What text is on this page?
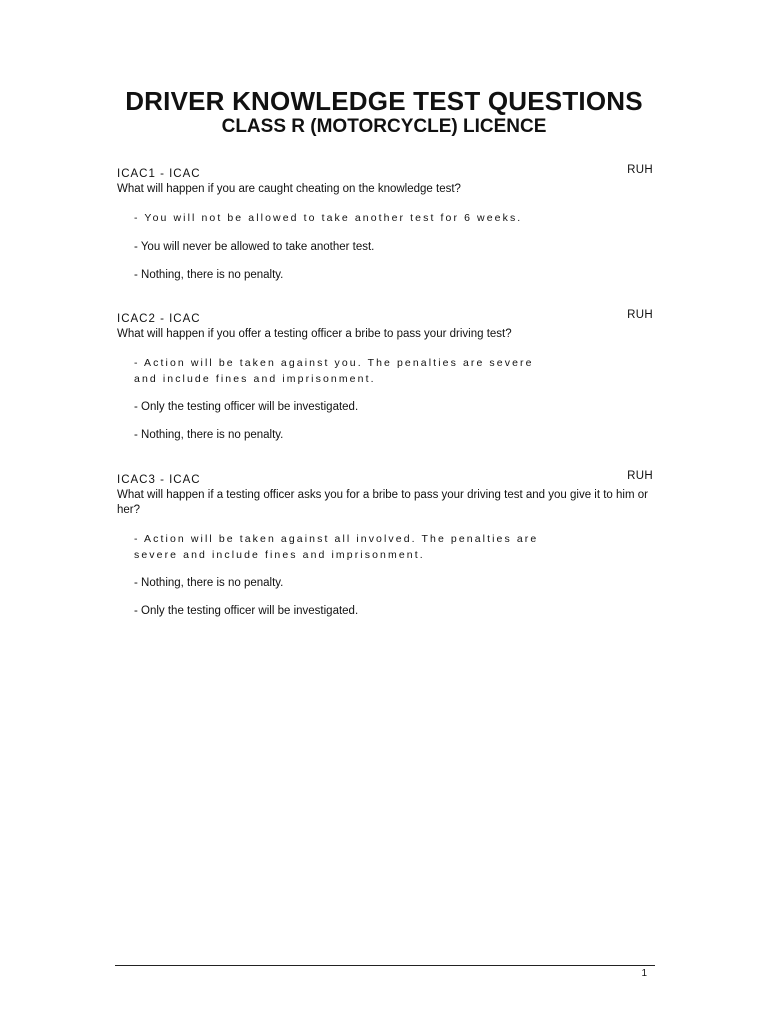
DRIVER KNOWLEDGE TEST QUESTIONS
CLASS R (MOTORCYCLE) LICENCE
ICAC1 - ICAC	RUH
What will happen if you are caught cheating on the knowledge test?
- You will not be allowed to take another test for 6 weeks.
- You will never be allowed to take another test.
- Nothing, there is no penalty.
ICAC2 - ICAC	RUH
What will happen if you offer a testing officer a bribe to pass your driving test?
- Action will be taken against you. The penalties are severe and include fines and imprisonment.
- Only the testing officer will be investigated.
- Nothing, there is no penalty.
ICAC3 - ICAC	RUH
What will happen if a testing officer asks you for a bribe to pass your driving test and you give it to him or her?
- Action will be taken against all involved. The penalties are severe and include fines and imprisonment.
- Nothing, there is no penalty.
- Only the testing officer will be investigated.
1
